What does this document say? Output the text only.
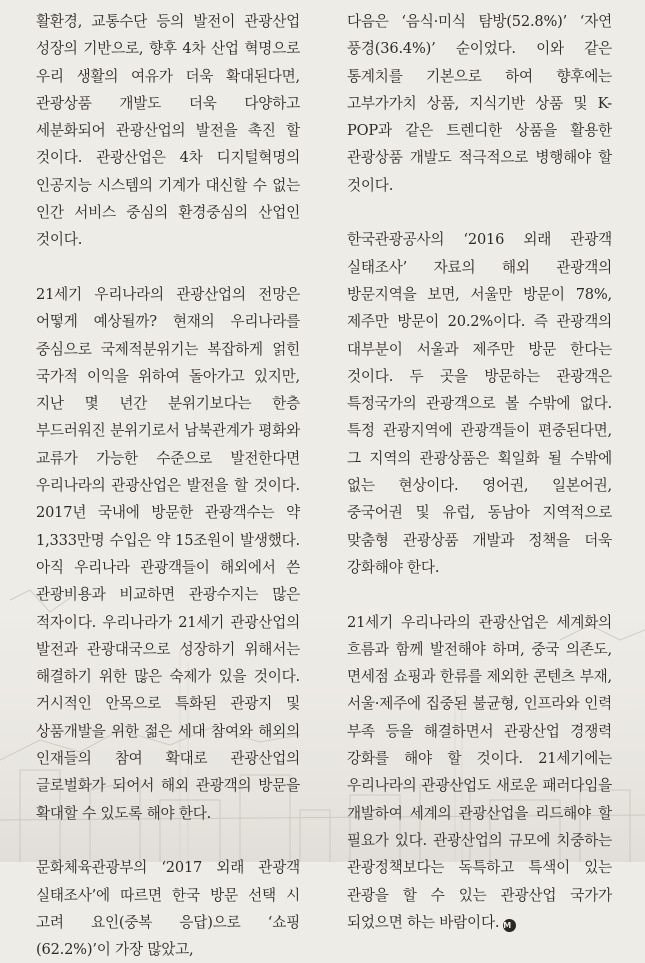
활환경, 교통수단 등의 발전이 관광산업 성장의 기반으로, 향후 4차 산업 혁명으로 우리 생활의 여유가 더욱 확대된다면, 관광상품 개발도 더욱 다양하고 세분화되어 관광산업의 발전을 촉진 할 것이다. 관광산업은 4차 디지털혁명의 인공지능 시스템의 기계가 대신할 수 없는 인간 서비스 중심의 환경중심의 산업인 것이다.

21세기 우리나라의 관광산업의 전망은 어떻게 예상될까? 현재의 우리나라를 중심으로 국제적분위기는 복잡하게 얽힌 국가적 이익을 위하여 돌아가고 있지만, 지난 몇 년간 분위기보다는 한층 부드러워진 분위기로서 남북관계가 평화와 교류가 가능한 수준으로 발전한다면 우리나라의 관광산업은 발전을 할 것이다. 2017년 국내에 방문한 관광객수는 약 1,333만명 수입은 약 15조원이 발생했다. 아직 우리나라 관광객들이 해외에서 쓴 관광비용과 비교하면 관광수지는 많은 적자이다. 우리나라가 21세기 관광산업의 발전과 관광대국으로 성장하기 위해서는 해결하기 위한 많은 숙제가 있을 것이다. 거시적인 안목으로 특화된 관광지 및 상품개발을 위한 젊은 세대 참여와 해외의 인재들의 참여 확대로 관광산업의 글로벌화가 되어서 해외 관광객의 방문을 확대할 수 있도록 해야 한다.

문화체육관광부의 ‘2017 외래 관광객 실태조사’에 따르면 한국 방문 선택 시 고려 요인(중복 응답)으로 ‘쇼핑(62.2%)’이 가장 많았고,

다음은 ‘음식·미식 탐방(52.8%)’ ‘자연 풍경(36.4%)’ 순이었다. 이와 같은 통계치를 기본으로 하여 향후에는 고부가가치 상품, 지식기반 상품 및 K-POP과 같은 트렌디한 상품을 활용한 관광상품 개발도 적극적으로 병행해야 할 것이다.

한국관광공사의 ‘2016 외래 관광객 실태조사’ 자료의 해외 관광객의 방문지역을 보면, 서울만 방문이 78%, 제주만 방문이 20.2%이다. 즉 관광객의 대부분이 서울과 제주만 방문 한다는 것이다. 두 곳을 방문하는 관광객은 특정국가의 관광객으로 볼 수밖에 없다. 특정 관광지역에 관광객들이 편중된다면, 그 지역의 관광상품은 획일화 될 수밖에 없는 현상이다. 영어권, 일본어권, 중국어권 및 유럽, 동남아 지역적으로 맞춤형 관광상품 개발과 정책을 더욱 강화해야 한다.

21세기 우리나라의 관광산업은 세계화의 흐름과 함께 발전해야 하며, 중국 의존도, 면세점 쇼핑과 한류를 제외한 콘텐츠 부재, 서울·제주에 집중된 불균형, 인프라와 인력 부족 등을 해결하면서 관광산업 경쟁력 강화를 해야 할 것이다. 21세기에는 우리나라의 관광산업도 새로운 패러다임을 개발하여 세계의 관광산업을 리드해야 할 필요가 있다. 관광산업의 규모에 치중하는 관광정책보다는 독특하고 특색이 있는 관광을 할 수 있는 관광산업 국가가 되었으면 하는 바람이다. M
